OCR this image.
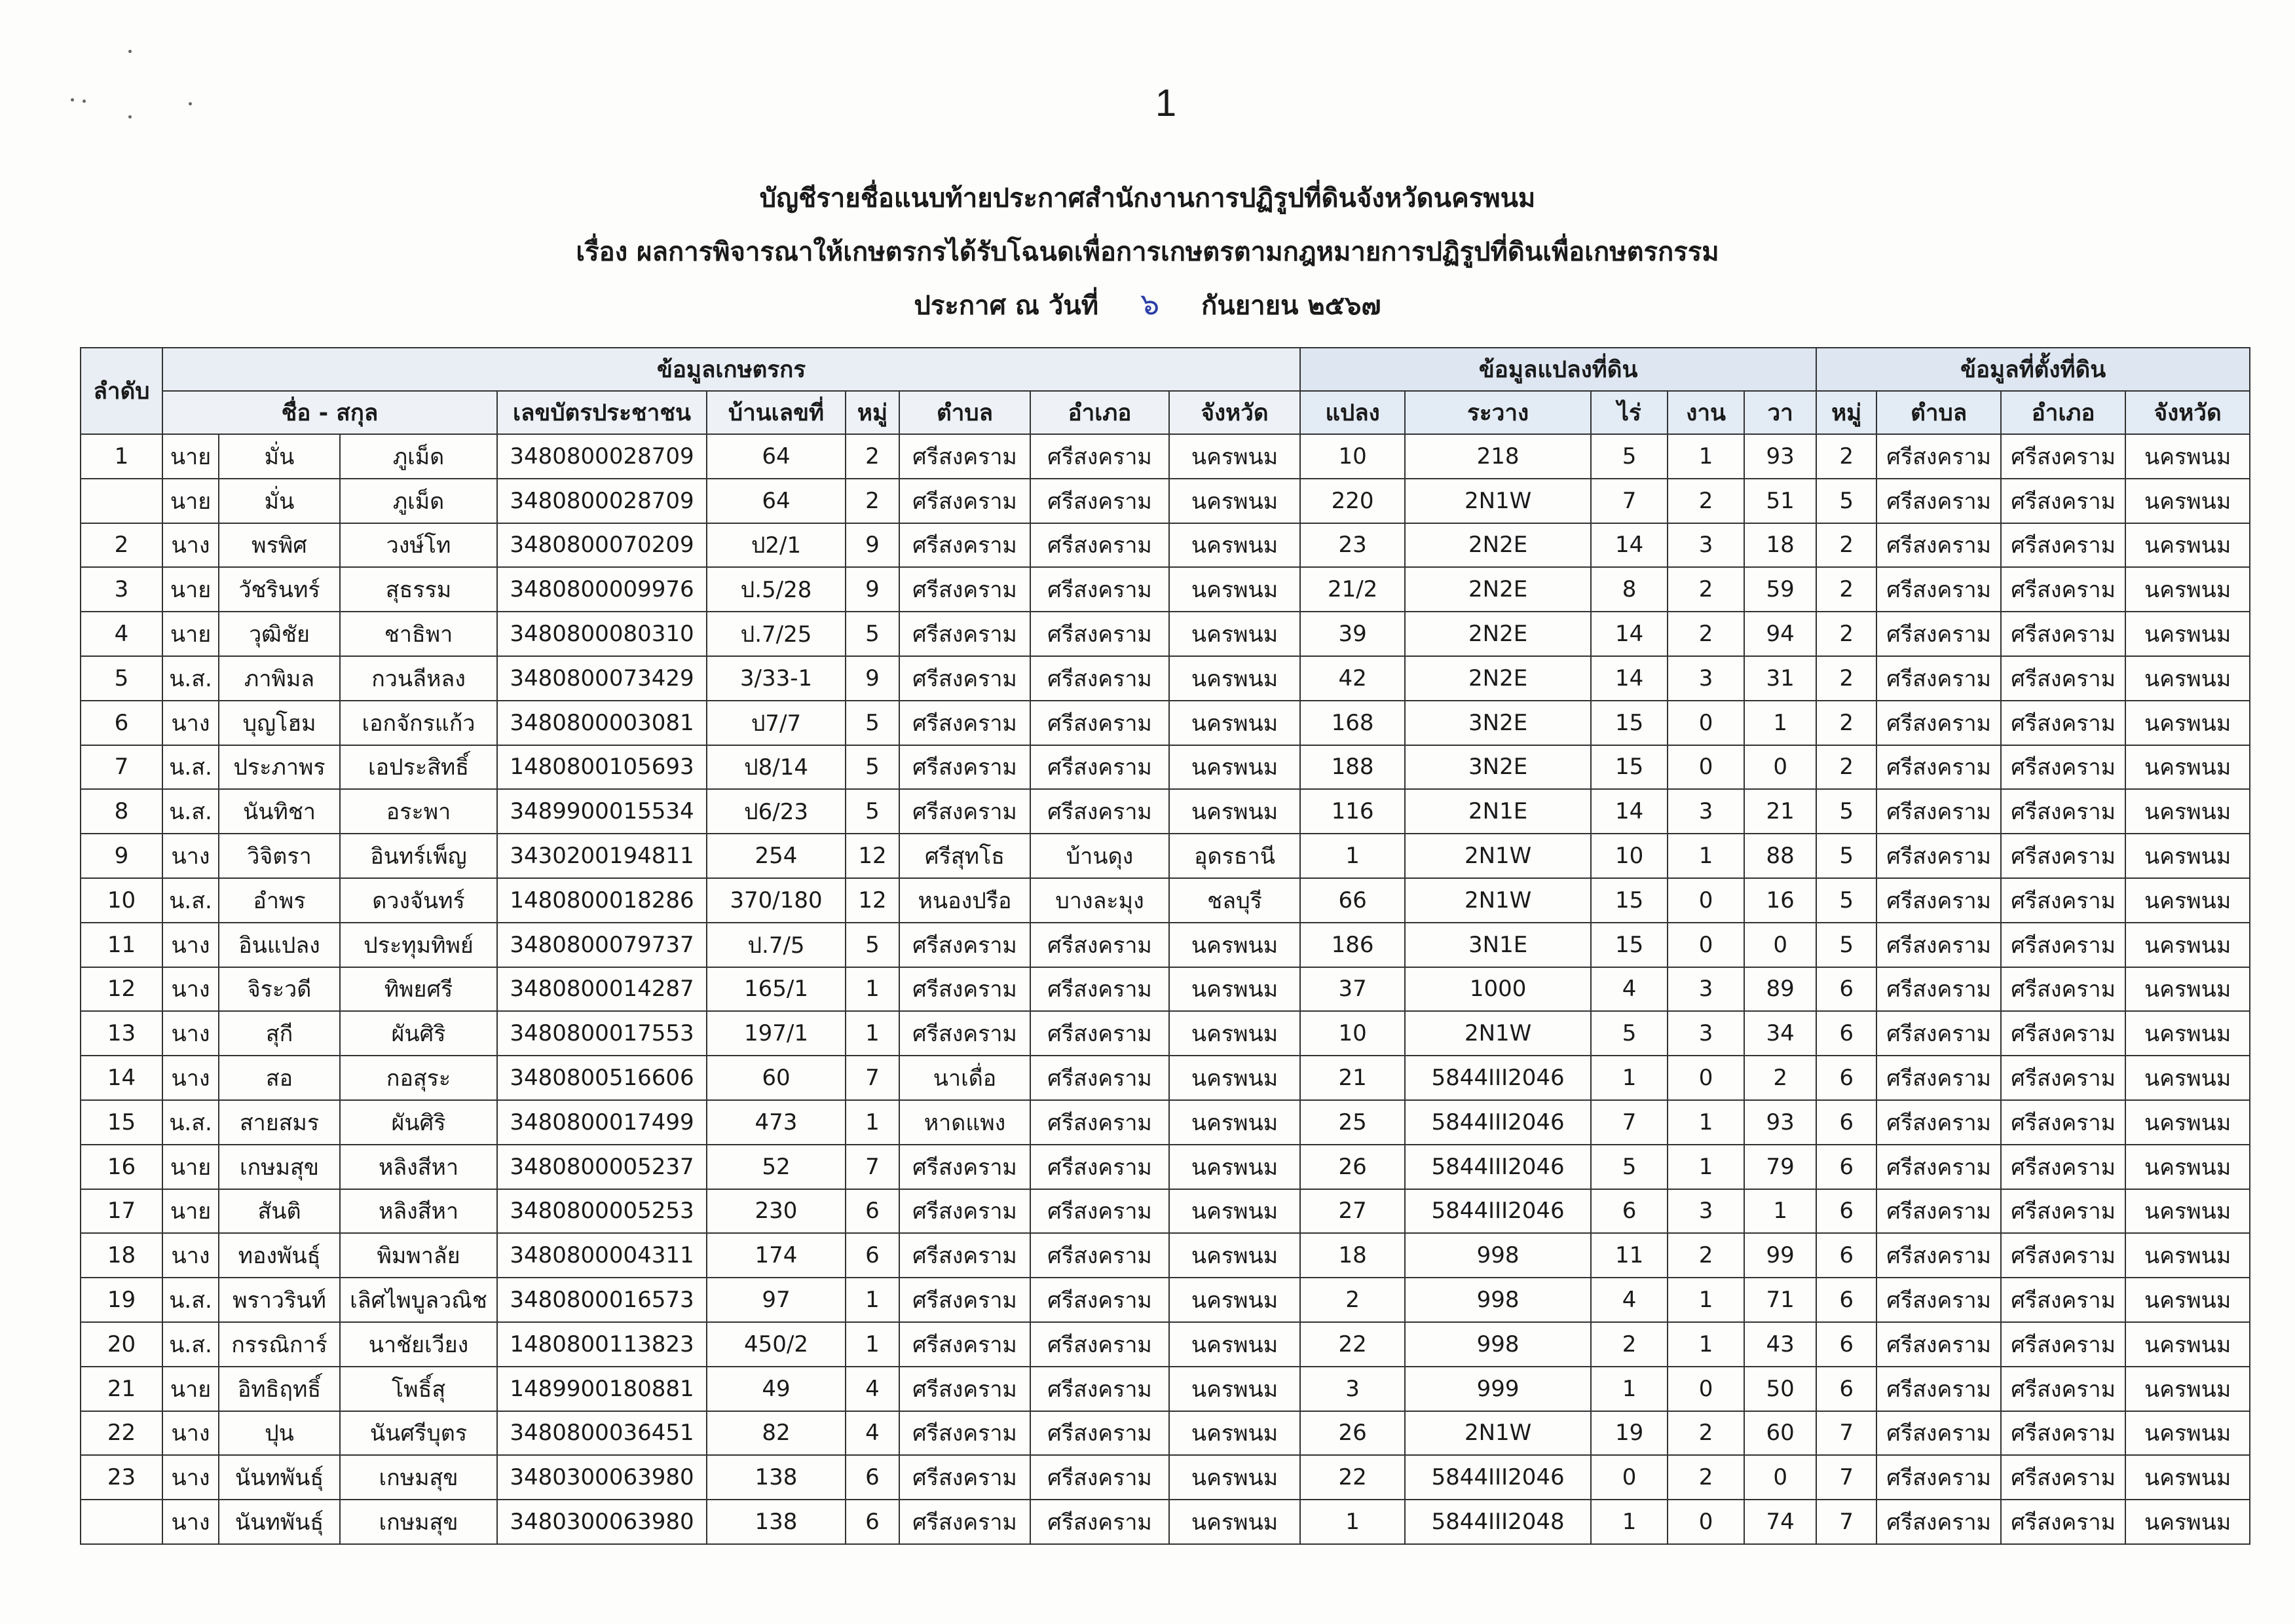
1
บัญชีรายชื่อแนบท้ายประกาศสำนักงานการปฏิรูปที่ดินจังหวัดนครพนม
เรื่อง ผลการพิจารณาให้เกษตรกรได้รับโฉนดเพื่อการเกษตรตามกฎหมายการปฏิรูปที่ดินเพื่อเกษตรกรรม
ประกาศ ณ วันที่ ๖ กันยายน ๒๕๖๗
ลำดับ	ข้อมูลเกษตรกร									ข้อมูลแปลงที่ดิน					ข้อมูลที่ตั้งที่ดิน			
	ชื่อ - สกุล			เลขบัตรประชาชน	บ้านเลขที่	หมู่	ตำบล	อำเภอ	จังหวัด	แปลง	ระวาง	ไร่	งาน	วา	หมู่	ตำบล	อำเภอ	จังหวัด
1	นาย	มั่น	ภูเม็ด	3480800028709	64	2	ศรีสงคราม	ศรีสงคราม	นครพนม	10	218	5	1	93	2	ศรีสงคราม	ศรีสงคราม	นครพนม
	นาย	มั่น	ภูเม็ด	3480800028709	64	2	ศรีสงคราม	ศรีสงคราม	นครพนม	220	2N1W	7	2	51	5	ศรีสงคราม	ศรีสงคราม	นครพนม
2	นาง	พรพิศ	วงษ์โท	3480800070209	ป2/1	9	ศรีสงคราม	ศรีสงคราม	นครพนม	23	2N2E	14	3	18	2	ศรีสงคราม	ศรีสงคราม	นครพนม
3	นาย	วัชรินทร์	สุธรรม	3480800009976	ป.5/28	9	ศรีสงคราม	ศรีสงคราม	นครพนม	21/2	2N2E	8	2	59	2	ศรีสงคราม	ศรีสงคราม	นครพนม
4	นาย	วุฒิชัย	ชาธิพา	3480800080310	ป.7/25	5	ศรีสงคราม	ศรีสงคราม	นครพนม	39	2N2E	14	2	94	2	ศรีสงคราม	ศรีสงคราม	นครพนม
5	น.ส.	ภาพิมล	กวนลีหลง	3480800073429	3/33-1	9	ศรีสงคราม	ศรีสงคราม	นครพนม	42	2N2E	14	3	31	2	ศรีสงคราม	ศรีสงคราม	นครพนม
6	นาง	บุญโฮม	เอกจักรแก้ว	3480800003081	ป7/7	5	ศรีสงคราม	ศรีสงคราม	นครพนม	168	3N2E	15	0	1	2	ศรีสงคราม	ศรีสงคราม	นครพนม
7	น.ส.	ประภาพร	เอประสิทธิ์	1480800105693	ป8/14	5	ศรีสงคราม	ศรีสงคราม	นครพนม	188	3N2E	15	0	0	2	ศรีสงคราม	ศรีสงคราม	นครพนม
8	น.ส.	นันทิชา	อระพา	3489900015534	ป6/23	5	ศรีสงคราม	ศรีสงคราม	นครพนม	116	2N1E	14	3	21	5	ศรีสงคราม	ศรีสงคราม	นครพนม
9	นาง	วิจิตรา	อินทร์เพ็ญ	3430200194811	254	12	ศรีสุทโธ	บ้านดุง	อุดรธานี	1	2N1W	10	1	88	5	ศรีสงคราม	ศรีสงคราม	นครพนม
10	น.ส.	อำพร	ดวงจันทร์	1480800018286	370/180	12	หนองปรือ	บางละมุง	ชลบุรี	66	2N1W	15	0	16	5	ศรีสงคราม	ศรีสงคราม	นครพนม
11	นาง	อินแปลง	ประทุมทิพย์	3480800079737	ป.7/5	5	ศรีสงคราม	ศรีสงคราม	นครพนม	186	3N1E	15	0	0	5	ศรีสงคราม	ศรีสงคราม	นครพนม
12	นาง	จิระวดี	ทิพยศรี	3480800014287	165/1	1	ศรีสงคราม	ศรีสงคราม	นครพนม	37	1000	4	3	89	6	ศรีสงคราม	ศรีสงคราม	นครพนม
13	นาง	สุกี	ผันศิริ	3480800017553	197/1	1	ศรีสงคราม	ศรีสงคราม	นครพนม	10	2N1W	5	3	34	6	ศรีสงคราม	ศรีสงคราม	นครพนม
14	นาง	สอ	กอสุระ	3480800516606	60	7	นาเดื่อ	ศรีสงคราม	นครพนม	21	5844III2046	1	0	2	6	ศรีสงคราม	ศรีสงคราม	นครพนม
15	น.ส.	สายสมร	ผันศิริ	3480800017499	473	1	หาดแพง	ศรีสงคราม	นครพนม	25	5844III2046	7	1	93	6	ศรีสงคราม	ศรีสงคราม	นครพนม
16	นาย	เกษมสุข	หลิงสีหา	3480800005237	52	7	ศรีสงคราม	ศรีสงคราม	นครพนม	26	5844III2046	5	1	79	6	ศรีสงคราม	ศรีสงคราม	นครพนม
17	นาย	สันติ	หลิงสีหา	3480800005253	230	6	ศรีสงคราม	ศรีสงคราม	นครพนม	27	5844III2046	6	3	1	6	ศรีสงคราม	ศรีสงคราม	นครพนม
18	นาง	ทองพันธุ์	พิมพาลัย	3480800004311	174	6	ศรีสงคราม	ศรีสงคราม	นครพนม	18	998	11	2	99	6	ศรีสงคราม	ศรีสงคราม	นครพนม
19	น.ส.	พราวรินท์	เลิศไพบูลวณิช	3480800016573	97	1	ศรีสงคราม	ศรีสงคราม	นครพนม	2	998	4	1	71	6	ศรีสงคราม	ศรีสงคราม	นครพนม
20	น.ส.	กรรณิการ์	นาชัยเวียง	1480800113823	450/2	1	ศรีสงคราม	ศรีสงคราม	นครพนม	22	998	2	1	43	6	ศรีสงคราม	ศรีสงคราม	นครพนม
21	นาย	อิทธิฤทธิ์	โพธิ์สุ	1489900180881	49	4	ศรีสงคราม	ศรีสงคราม	นครพนม	3	999	1	0	50	6	ศรีสงคราม	ศรีสงคราม	นครพนม
22	นาง	ปุน	นันศรีบุตร	3480800036451	82	4	ศรีสงคราม	ศรีสงคราม	นครพนม	26	2N1W	19	2	60	7	ศรีสงคราม	ศรีสงคราม	นครพนม
23	นาง	นันทพันธุ์	เกษมสุข	3480300063980	138	6	ศรีสงคราม	ศรีสงคราม	นครพนม	22	5844III2046	0	2	0	7	ศรีสงคราม	ศรีสงคราม	นครพนม
	นาง	นันทพันธุ์	เกษมสุข	3480300063980	138	6	ศรีสงคราม	ศรีสงคราม	นครพนม	1	5844III2048	1	0	74	7	ศรีสงคราม	ศรีสงคราม	นครพนม
